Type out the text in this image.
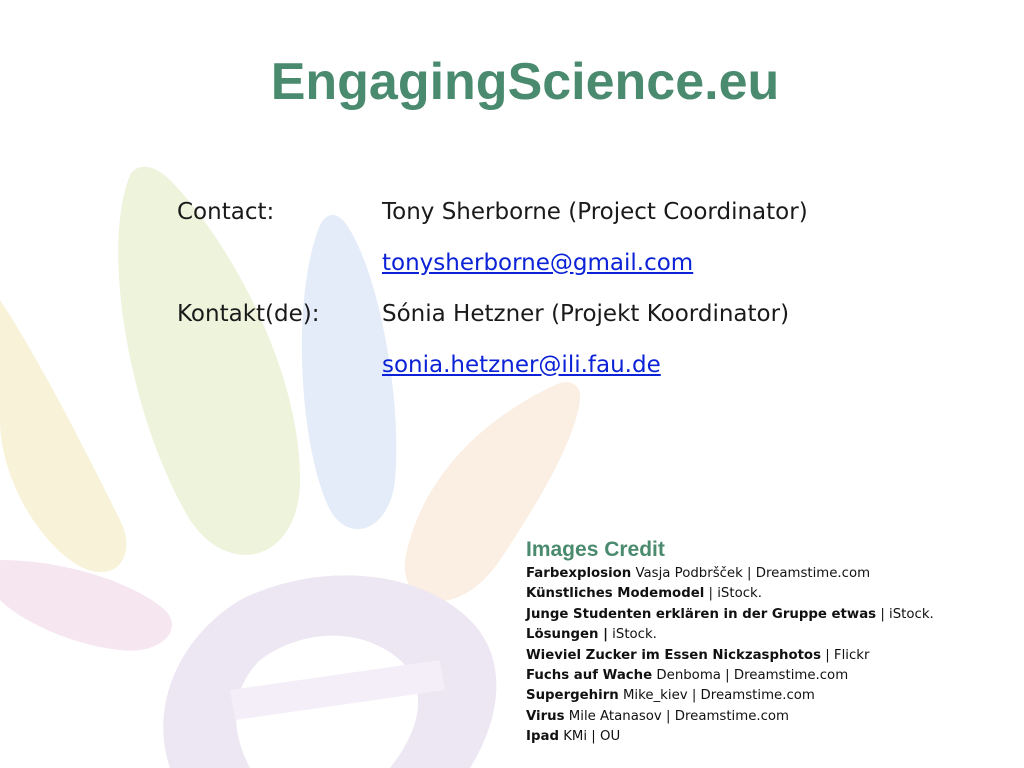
EngagingScience.eu
Contact:	Tony Sherborne (Project Coordinator)
tonysherborne@gmail.com
Kontakt(de):	Sónia Hetzner (Projekt Koordinator)
sonia.hetzner@ili.fau.de
Images Credit
Farbexplosion Vasja Podbršček | Dreamstime.com
Künstliches Modemodel | iStock.
Junge Studenten erklären in der Gruppe etwas | iStock.
Lösungen | iStock.
Wieviel Zucker im Essen Nickzasphotos | Flickr
Fuchs auf Wache Denboma | Dreamstime.com
Supergehirn Mike_kiev | Dreamstime.com
Virus Mile Atanasov | Dreamstime.com
Ipad KMi | OU
